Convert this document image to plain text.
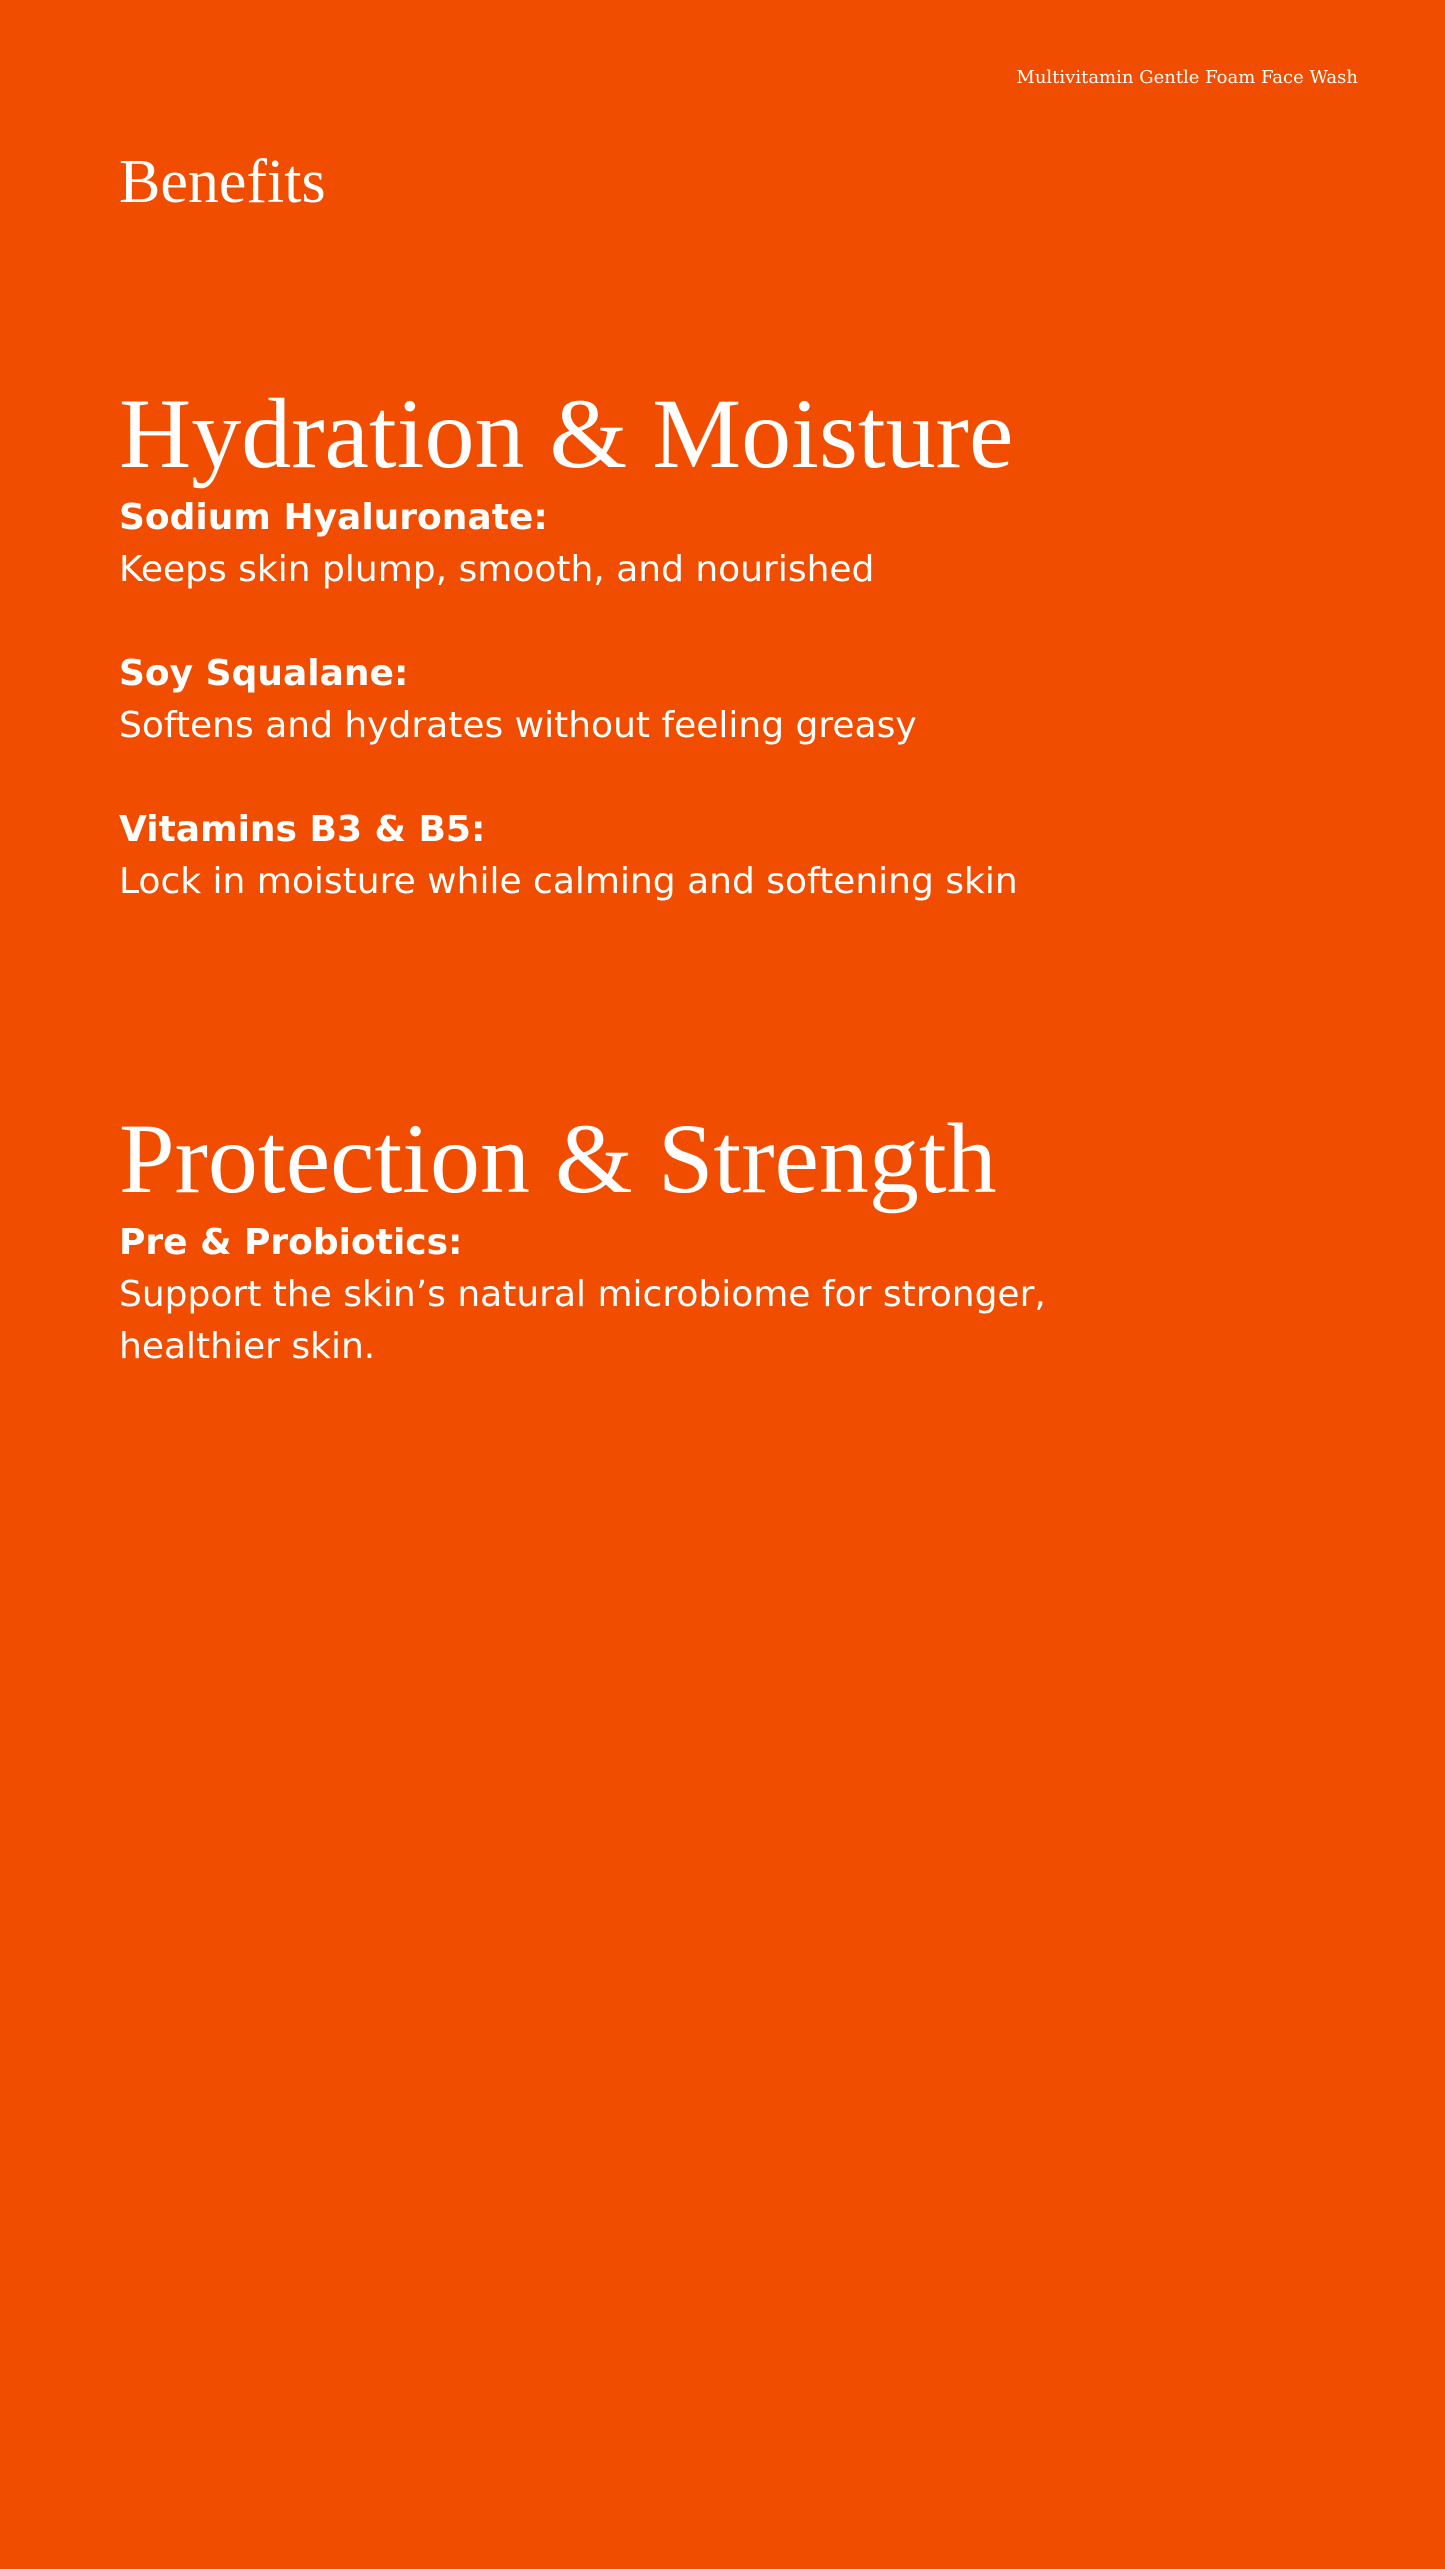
Multivitamin Gentle Foam Face Wash

Benefits
Hydration & Moisture

Sodium Hyaluronate:
Keeps skin plump, smooth, and nourished

Soy Squalane:
Softens and hydrates without feeling greasy

Vitamins B3 & B5:
Lock in moisture while calming and softening skin

Protection & Strength

Pre & Probiotics:
Support the skin’s natural microbiome for stronger, healthier skin.
